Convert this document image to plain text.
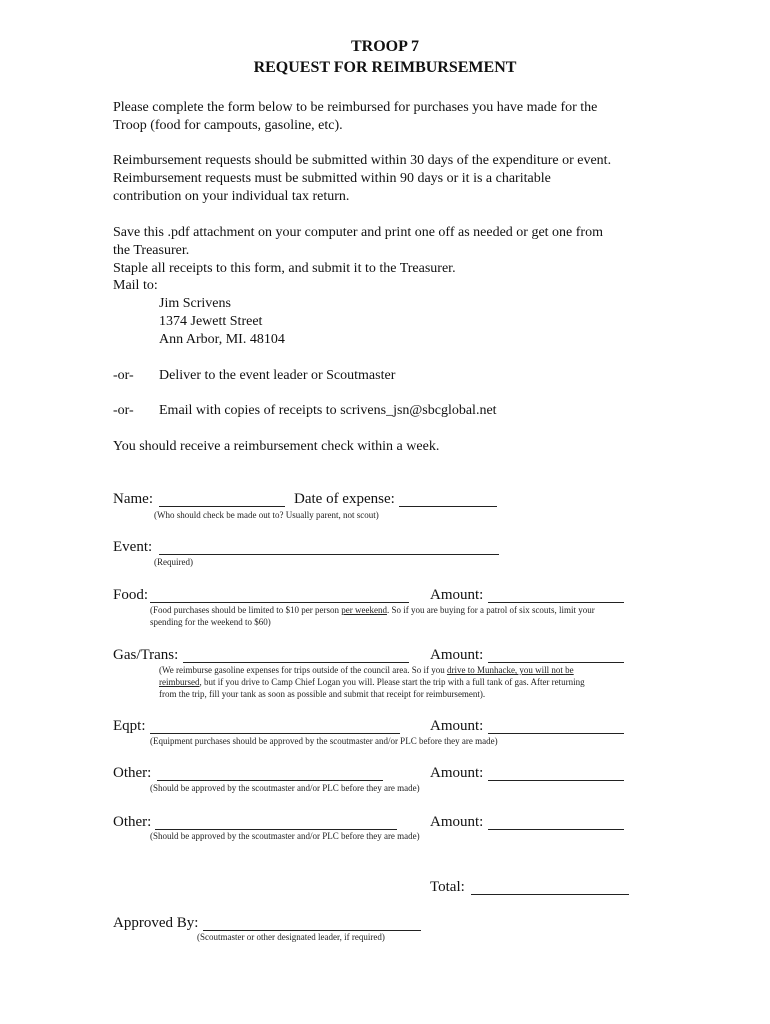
TROOP 7
REQUEST FOR REIMBURSEMENT
Please complete the form below to be reimbursed for purchases you have made for the
Troop (food for campouts, gasoline, etc).
Reimbursement requests should be submitted within 30 days of the expenditure or event.
Reimbursement requests must be submitted within 90 days or it is a charitable
contribution on your individual tax return.
Save this .pdf attachment on your computer and print one off as needed or get one from
the Treasurer.
Staple all receipts to this form, and submit it to the Treasurer.
Mail to:
Jim Scrivens
1374 Jewett Street
Ann Arbor, MI. 48104
-or- Deliver to the event leader or Scoutmaster
-or- Email with copies of receipts to scrivens_jsn@sbcglobal.net
You should receive a reimbursement check within a week.
Name:	Date of expense:
(Who should check be made out to? Usually parent, not scout)
Event:
(Required)
Food:	Amount:
(Food purchases should be limited to $10 per person per weekend. So if you are buying for a patrol of six scouts, limit your
spending for the weekend to $60)
Gas/Trans:	Amount:
(We reimburse gasoline expenses for trips outside of the council area. So if you drive to Munhacke, you will not be
reimbursed, but if you drive to Camp Chief Logan you will. Please start the trip with a full tank of gas. After returning
from the trip, fill your tank as soon as possible and submit that receipt for reimbursement).
Eqpt:	Amount:
(Equipment purchases should be approved by the scoutmaster and/or PLC before they are made)
Other:	Amount:
(Should be approved by the scoutmaster and/or PLC before they are made)
Other:	Amount:
(Should be approved by the scoutmaster and/or PLC before they are made)
Total:
Approved By:
(Scoutmaster or other designated leader, if required)
